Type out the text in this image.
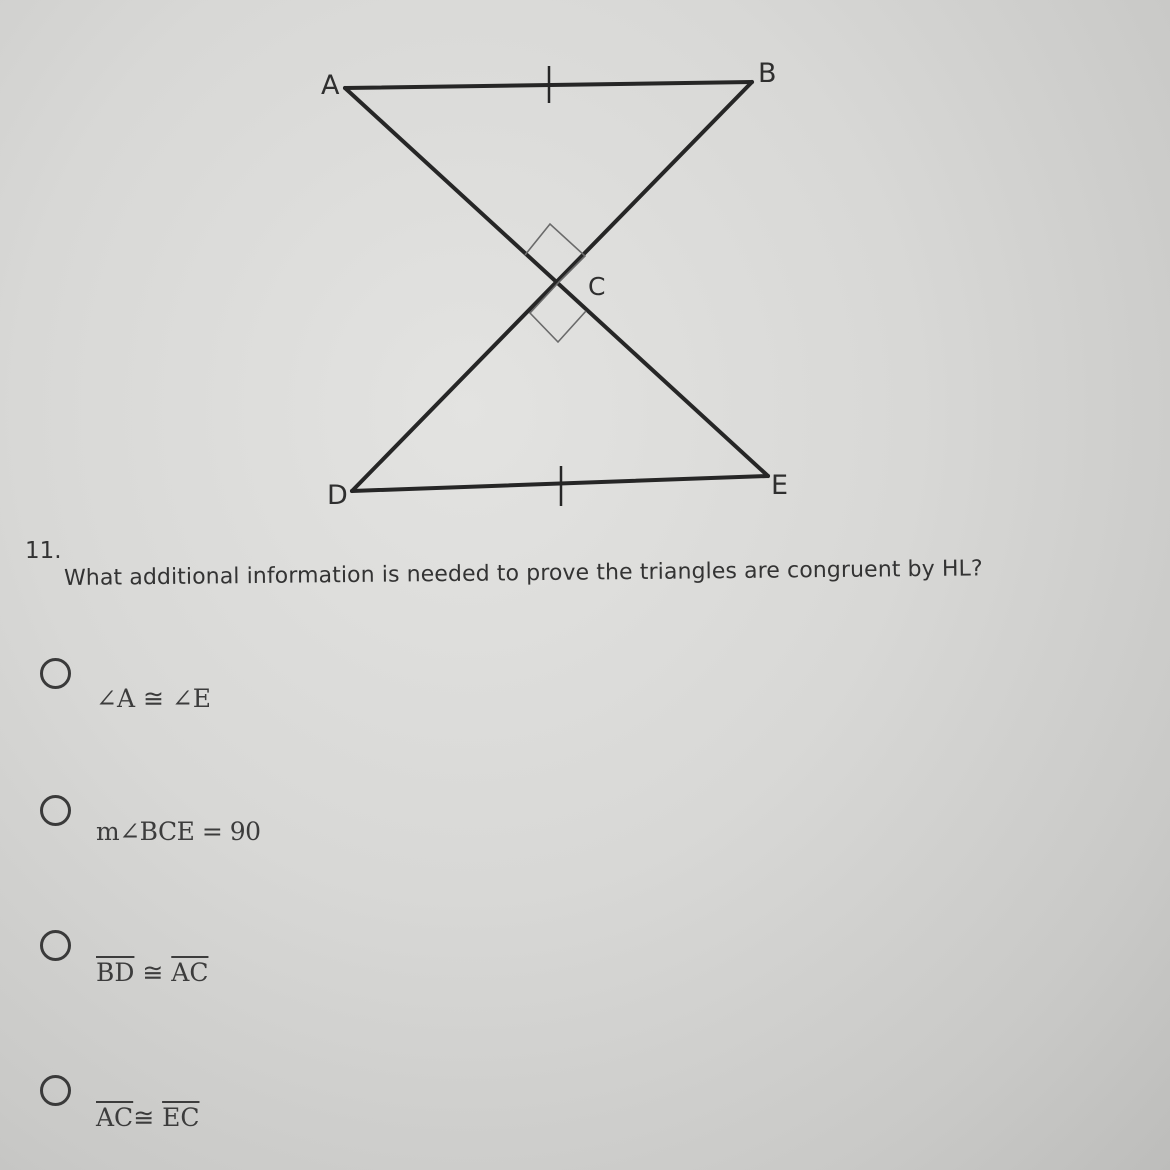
A	B
C
D	E
11.
What additional information is needed to prove the triangles are congruent by HL?
∠A ≅ ∠E
m∠BCE = 90
$\overline{BD}$ ≅ $\overline{AC}$
$\overline{AC}≅$ $\overline{EC}$
